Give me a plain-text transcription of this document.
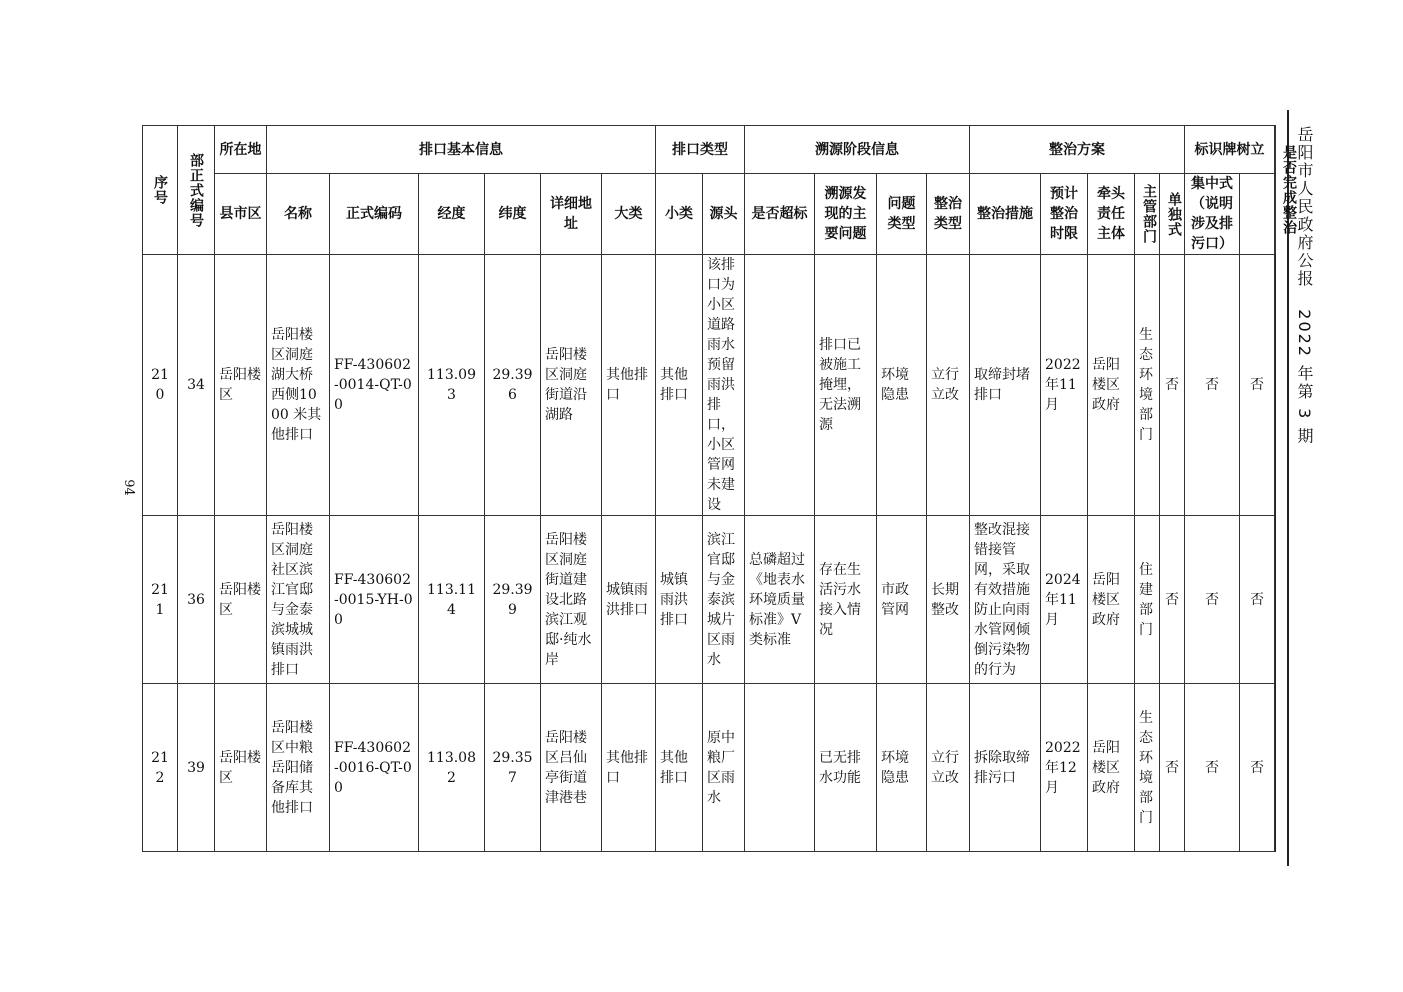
岳阳市人民政府公报   2022 年第 3 期
94
序号	部正式编号	所在地	排口基本信息						排口类型		溯源阶段信息				整治方案					标识牌树立		是否完成整治

		县市区	名称	正式编码	经度	纬度	详细地址	大类	小类	源头	是否超标	溯源发现的主要问题	问题类型	整治类型	整治措施	预计整治时限	牵头责任主体	主管部门	单独式	集中式（说明涉及排污口）		
210	34	岳阳楼区	岳阳楼区洞庭湖大桥西侧1000 米其他排口	FF-430602-0014-QT-00	113.093	29.396	岳阳楼区洞庭街道沿湖路	其他排口	其他排口	该排口为小区道路雨水预留雨洪排口，小区管网未建设		排口已被施工掩埋，无法溯源	环境隐患	立行立改	取缔封堵排口	2022年11月	岳阳楼区政府	生态环境部门	否	否	否	
211	36	岳阳楼区	岳阳楼区洞庭社区滨江官邸与金泰滨城城镇雨洪排口	FF-430602-0015-YH-00	113.114	29.399	岳阳楼区洞庭街道建设北路滨江观邸·纯水岸	城镇雨洪排口	城镇雨洪排口	滨江官邸与金泰滨城片区雨水	总磷超过《地表水环境质量标准》V类标准	存在生活污水接入情况	市政管网	长期整改	整改混接错接管网，采取有效措施防止向雨水管网倾倒污染物的行为	2024年11月	岳阳楼区政府	住建部门	否	否	否	
212	39	岳阳楼区	岳阳楼区中粮岳阳储备库其他排口	FF-430602-0016-QT-00	113.082	29.357	岳阳楼区吕仙亭街道津港巷	其他排口	其他排口	原中粮厂区雨水		已无排水功能	环境隐患	立行立改	拆除取缔排污口	2022年12月	岳阳楼区政府	生态环境部门	否	否	否	
